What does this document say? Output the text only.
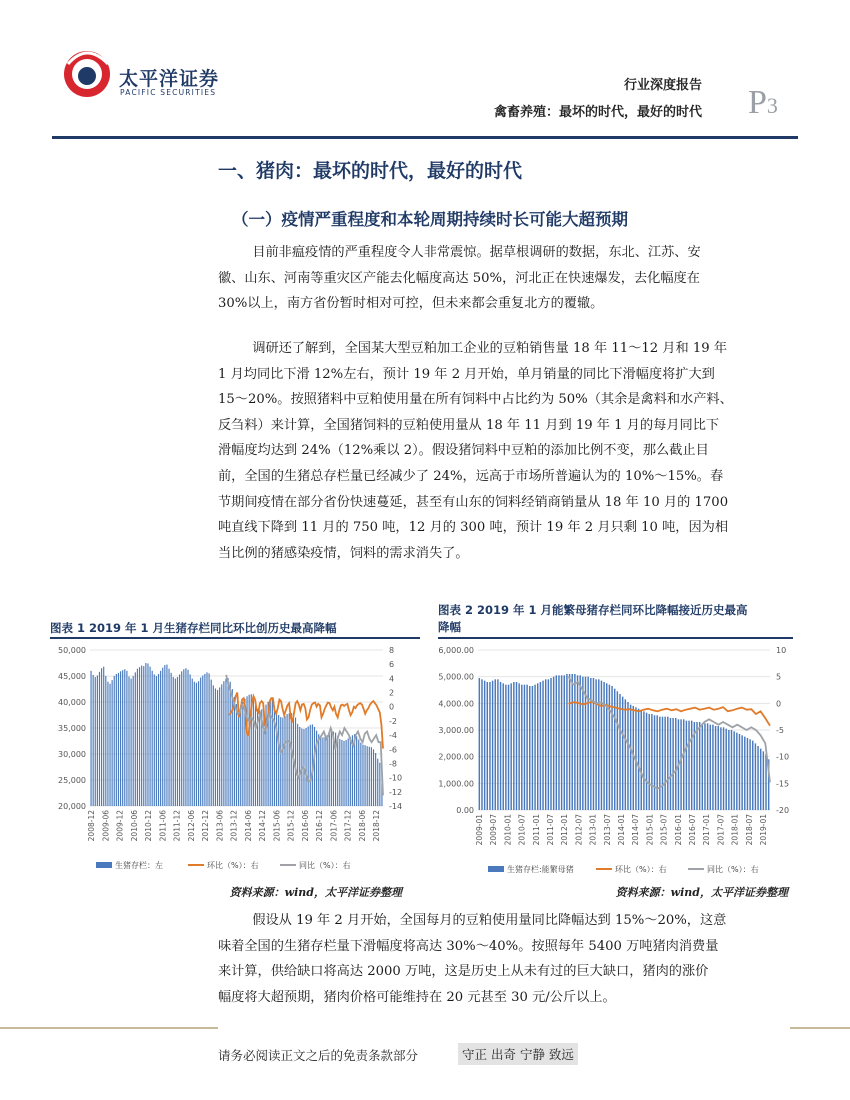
太平洋证券
PACIFIC SECURITIES	行业深度报告
禽畜养殖：最坏的时代，最好的时代 P3
一、猪肉：最坏的时代，最好的时代
（一）疫情严重程度和本轮周期持续时长可能大超预期
目前非瘟疫情的严重程度令人非常震惊。据草根调研的数据，东北、江苏、安
徽、山东、河南等重灾区产能去化幅度高达 50%，河北正在快速爆发，去化幅度在
30%以上，南方省份暂时相对可控，但未来都会重复北方的覆辙。
调研还了解到，全国某大型豆粕加工企业的豆粕销售量 18 年 11～12 月和 19 年
1 月均同比下滑 12%左右，预计 19 年 2 月开始，单月销量的同比下滑幅度将扩大到
15～20%。按照猪料中豆粕使用量在所有饲料中占比约为 50%（其余是禽料和水产料、
反刍料）来计算，全国猪饲料的豆粕使用量从 18 年 11 月到 19 年 1 月的每月同比下
滑幅度均达到 24%（12%乘以 2）。假设猪饲料中豆粕的添加比例不变，那么截止目
前，全国的生猪总存栏量已经减少了 24%，远高于市场所普遍认为的 10%～15%。春
节期间疫情在部分省份快速蔓延，甚至有山东的饲料经销商销量从 18 年 10 月的 1700
吨直线下降到 11 月的 750 吨，12 月的 300 吨，预计 19 年 2 月只剩 10 吨，因为相
当比例的猪感染疫情，饲料的需求消失了。
图表 1 2019 年 1 月生猪存栏同比环比创历史最高降幅
50,000
45,000
40,000
35,000
30,000
25,000
20,000
8
6
4
2
0
-2
-4
-6
-8
-10
-12
-14
2008-12 2009-06 2009-12 2010-06 2010-12 2011-06 2011-12 2012-06 2012-12 2013-06 2013-12 2014-06 2014-12 2015-06 2015-12 2016-06 2016-12 2017-06 2017-12 2018-06 2018-12
生猪存栏：左	环比（%）：右	同比（%）：右
资料来源：wind，太平洋证券整理
图表 2 2019 年 1 月能繁母猪存栏同环比降幅接近历史最高
降幅
6,000.00
5,000.00
4,000.00
3,000.00
2,000.00
1,000.00
0.00
10
5
0
-5
-10
-15
-20
2009-01 2009-07 2010-01 2010-07 2011-01 2011-07 2012-01 2012-07 2013-01 2013-07 2014-01 2014-07 2015-01 2015-07 2016-01 2016-07 2017-01 2017-07 2018-01 2018-07 2019-01
生猪存栏:能繁母猪	环比（%）：右	同比（%）：右
资料来源：wind，太平洋证券整理
假设从 19 年 2 月开始，全国每月的豆粕使用量同比降幅达到 15%～20%，这意
味着全国的生猪存栏量下滑幅度将高达 30%～40%。按照每年 5400 万吨猪肉消费量
来计算，供给缺口将高达 2000 万吨，这是历史上从未有过的巨大缺口，猪肉的涨价
幅度将大超预期，猪肉价格可能维持在 20 元甚至 30 元/公斤以上。
请务必阅读正文之后的免责条款部分	守正 出奇 宁静 致远
